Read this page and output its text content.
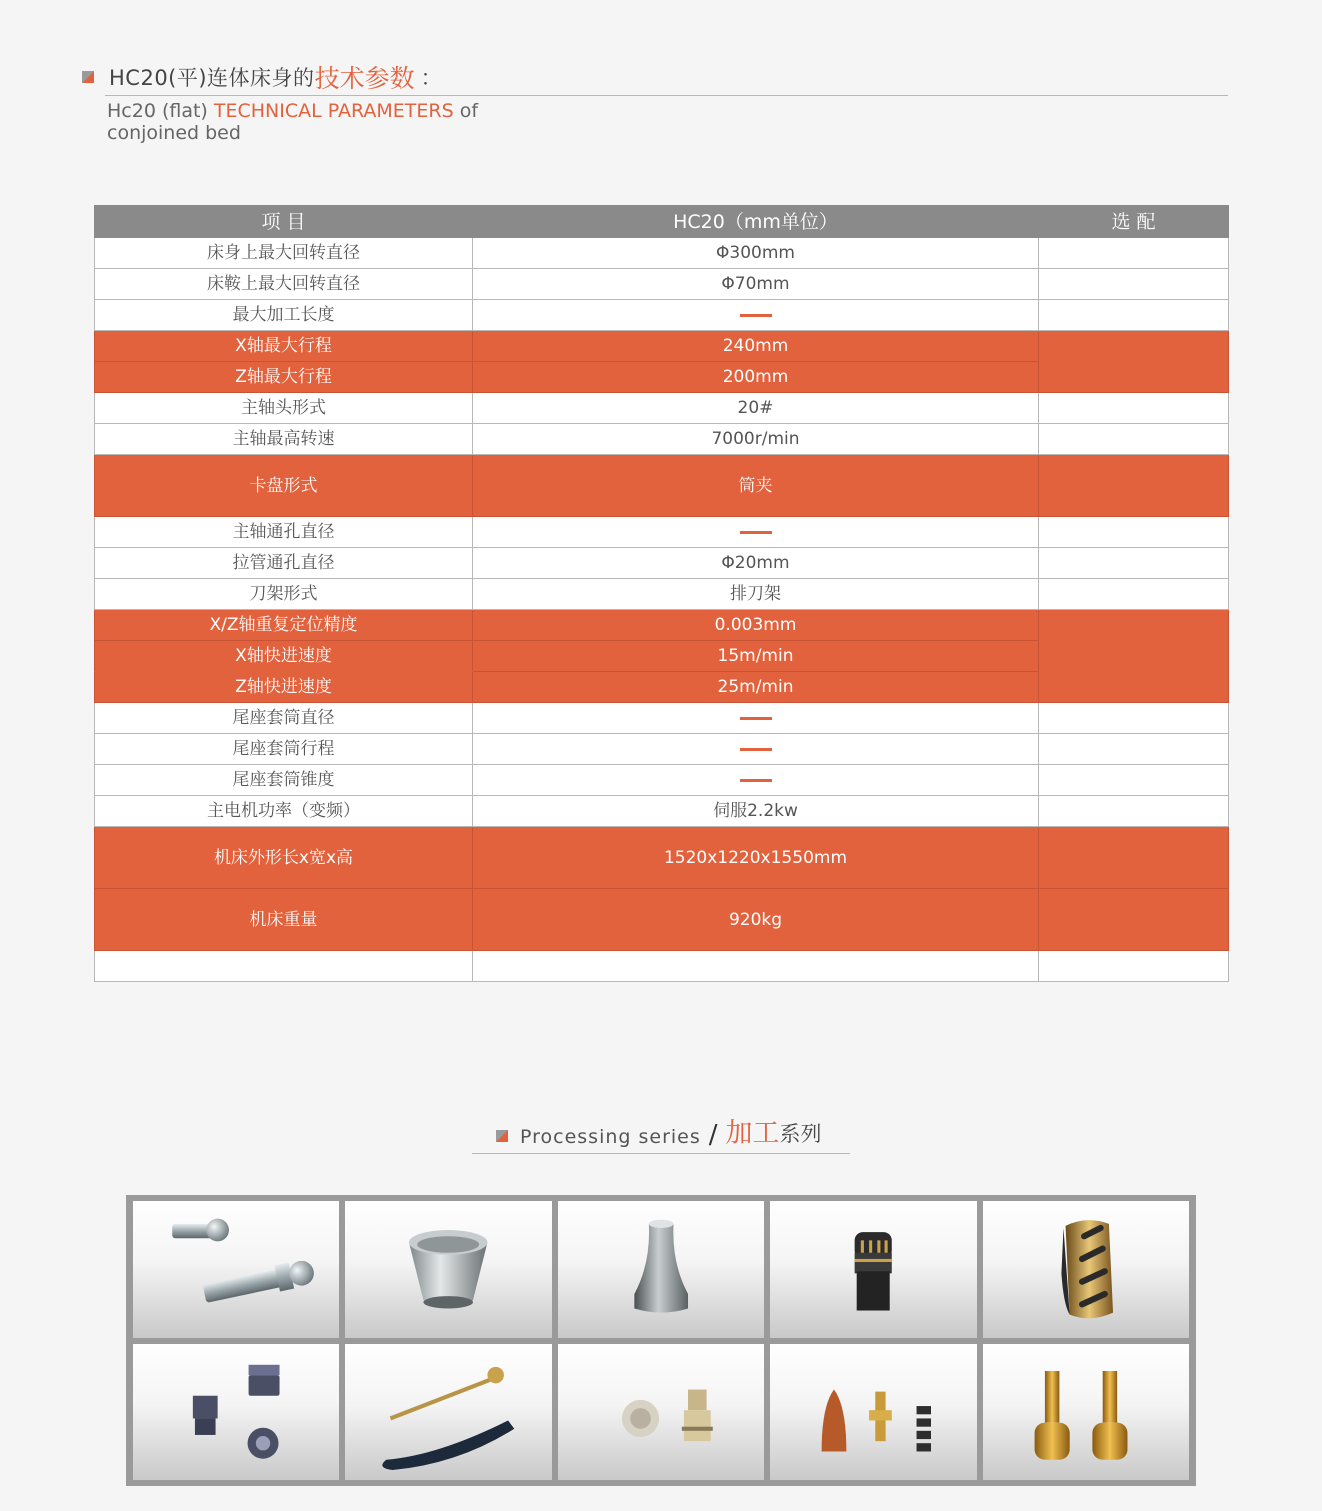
HC20(平)连体床身的 技术参数 ：
Hc20 (flat) TECHNICAL PARAMETERS of conjoined bed
项 目	HC20（mm单位）	选 配
床身上最大回转直径	Φ300mm	
床鞍上最大回转直径	Φ70mm	
最大加工长度		
X轴最大行程	240mm	
Z轴最大行程	200mm	
主轴头形式	20#	
主轴最高转速	7000r/min	
卡盘形式	筒夹	
主轴通孔直径		
拉管通孔直径	Φ20mm	
刀架形式	排刀架	
X/Z轴重复定位精度	0.003mm	
X轴快进速度	15m/min	
Z轴快进速度	25m/min	
尾座套筒直径		
尾座套筒行程		
尾座套筒锥度		
主电机功率（变频）	伺服2.2kw	
机床外形长x宽x高	1520x1220x1550mm	
机床重量	920kg	

Processing series / 加工 系列
